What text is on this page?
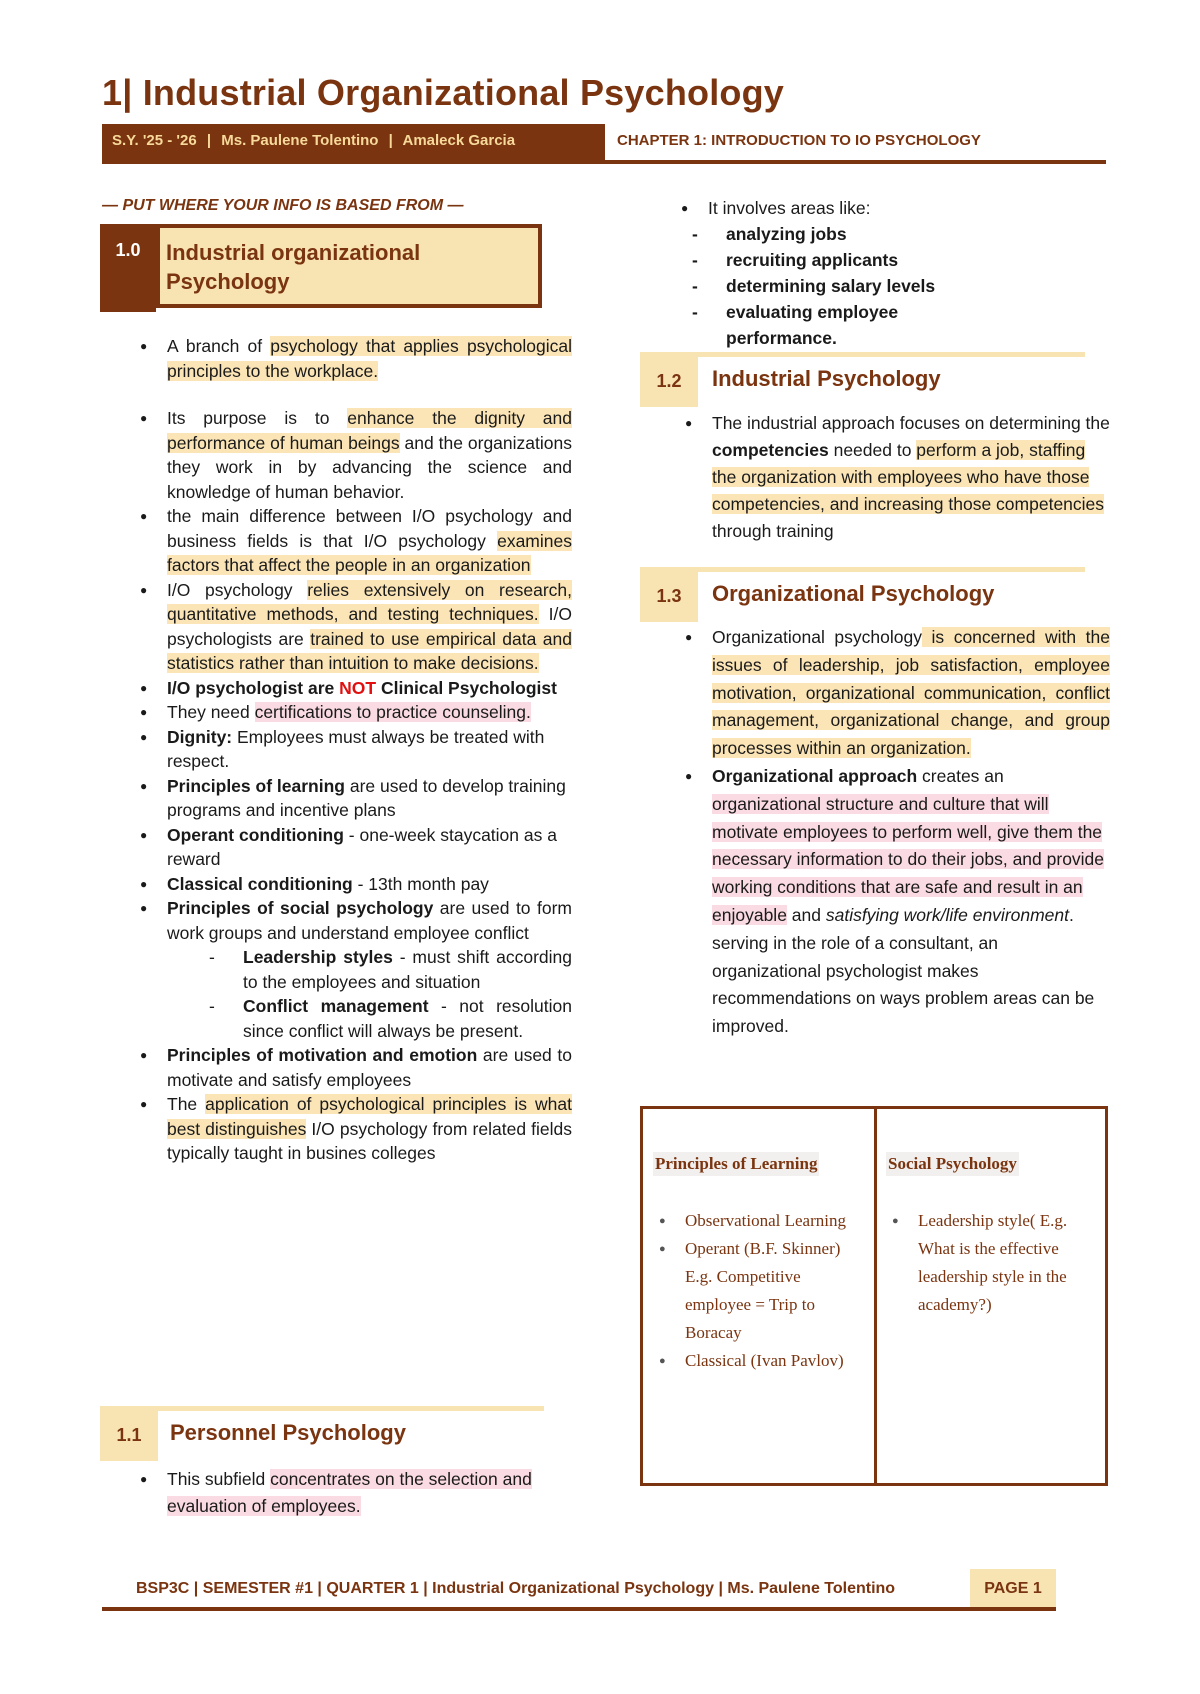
1| Industrial Organizational Psychology
S.Y. '25 - '26 | Ms. Paulene Tolentino | Amaleck Garcia	CHAPTER 1: INTRODUCTION TO IO PSYCHOLOGY
— PUT WHERE YOUR INFO IS BASED FROM —
1.0	Industrial organizational
Psychology
● A branch of psychology that applies psychological principles to the workplace.
● Its purpose is to enhance the dignity and performance of human beings and the organizations they work in by advancing the science and knowledge of human behavior.
● the main difference between I/O psychology and business fields is that I/O psychology examines factors that affect the people in an organization
● I/O psychology relies extensively on research, quantitative methods, and testing techniques. I/O psychologists are trained to use empirical data and statistics rather than intuition to make decisions.
● I/O psychologist are NOT Clinical Psychologist
● They need certifications to practice counseling.
● Dignity: Employees must always be treated with respect.
● Principles of learning are used to develop training programs and incentive plans
● Operant conditioning - one-week staycation as a reward
● Classical conditioning - 13th month pay
● Principles of social psychology are used to form work groups and understand employee conflict
- Leadership styles - must shift according to the employees and situation
- Conflict management - not resolution since conflict will always be present.
● Principles of motivation and emotion are used to motivate and satisfy employees
● The application of psychological principles is what best distinguishes I/O psychology from related fields typically taught in busines colleges
1.1	Personnel Psychology
● This subfield concentrates on the selection and evaluation of employees.
● It involves areas like:
- analyzing jobs
- recruiting applicants
- determining salary levels
- evaluating employee performance.
1.2	Industrial Psychology
● The industrial approach focuses on determining the competencies needed to perform a job, staffing the organization with employees who have those competencies, and increasing those competencies through training
1.3	Organizational Psychology
● Organizational psychology is concerned with the issues of leadership, job satisfaction, employee motivation, organizational communication, conflict management, organizational change, and group processes within an organization.
● Organizational approach creates an organizational structure and culture that will motivate employees to perform well, give them the necessary information to do their jobs, and provide working conditions that are safe and result in an enjoyable and satisfying work/life environment. serving in the role of a consultant, an organizational psychologist makes recommendations on ways problem areas can be improved.
Principles of Learning
● Observational Learning
● Operant (B.F. Skinner) E.g. Competitive employee = Trip to Boracay
● Classical (Ivan Pavlov)
Social Psychology
● Leadership style( E.g. What is the effective leadership style in the academy?)
BSP3C | SEMESTER #1 | QUARTER 1 | Industrial Organizational Psychology | Ms. Paulene Tolentino	PAGE 1
